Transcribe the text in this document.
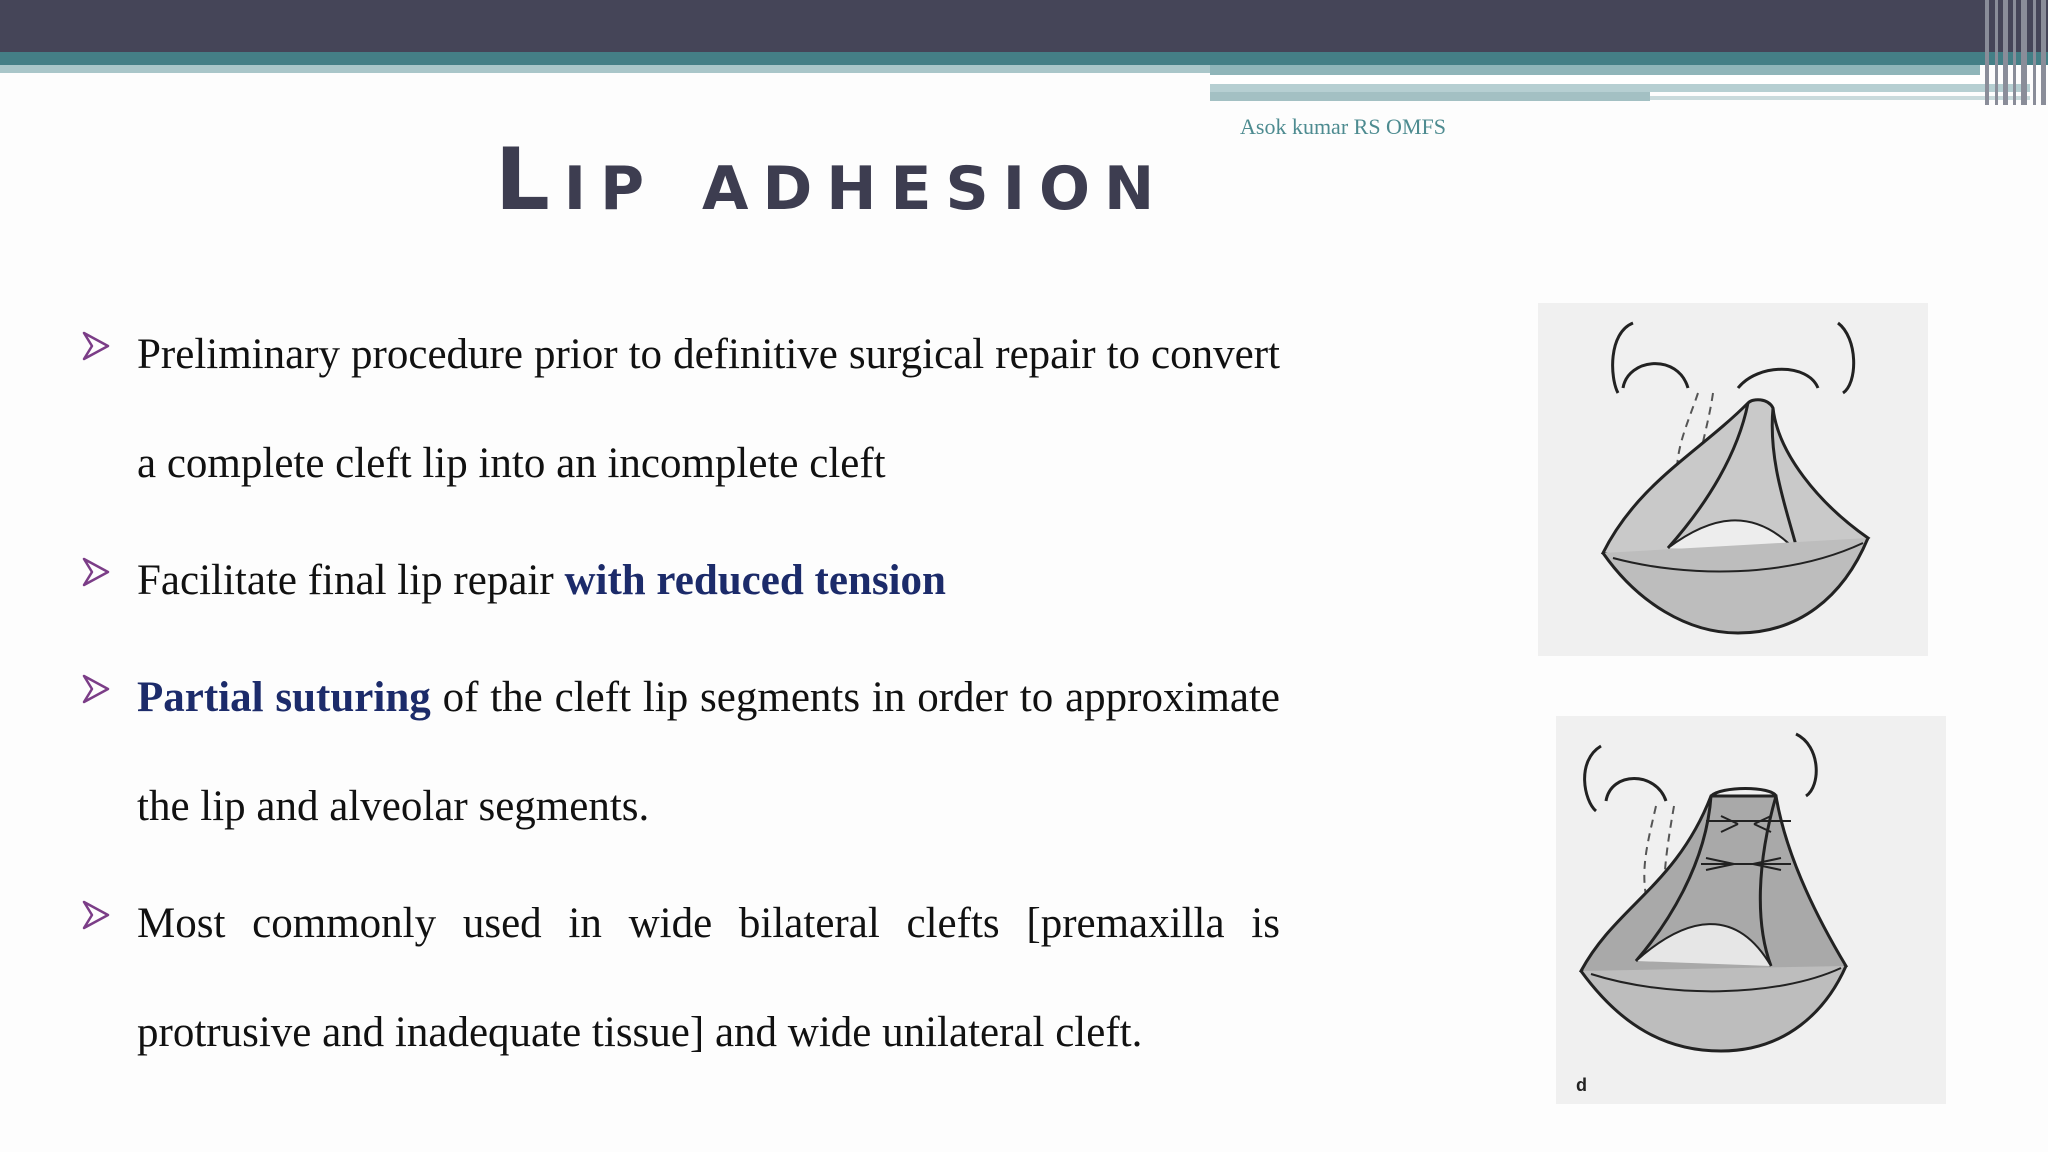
Asok kumar RS OMFS
Lip adhesion
Preliminary procedure prior to definitive surgical repair to convert a complete cleft lip into an incomplete cleft
Facilitate final lip repair with reduced tension
Partial suturing of the cleft lip segments in order to approximate the lip and alveolar segments.
Most commonly used in wide bilateral clefts [premaxilla is protrusive and inadequate tissue] and wide unilateral cleft.
d
